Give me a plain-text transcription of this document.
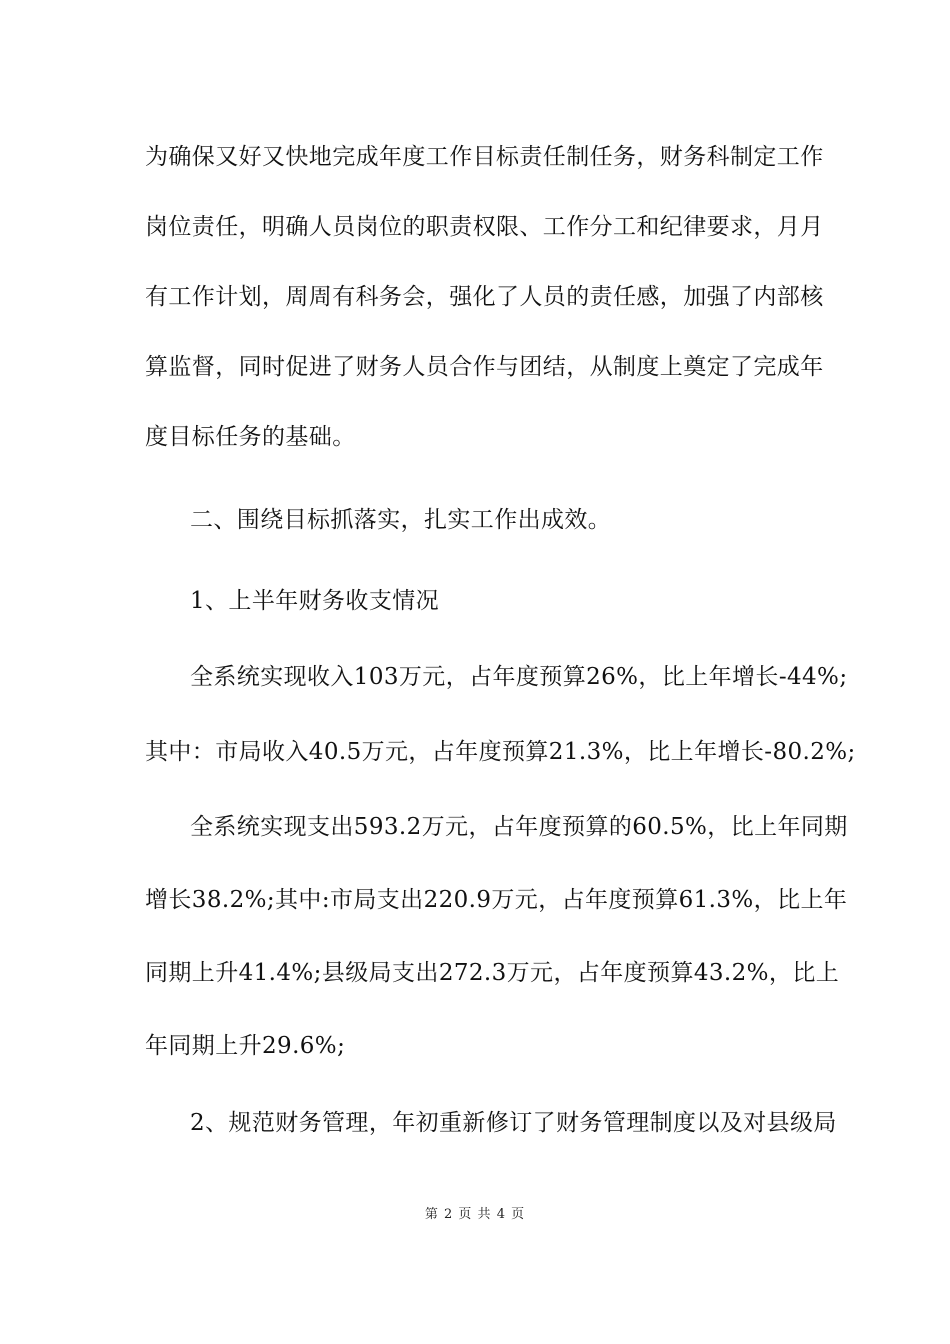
为确保又好又快地完成年度工作目标责任制任务，财务科制定工作
岗位责任，明确人员岗位的职责权限、工作分工和纪律要求，月月
有工作计划，周周有科务会，强化了人员的责任感，加强了内部核
算监督，同时促进了财务人员合作与团结，从制度上奠定了完成年
度目标任务的基础。
二、围绕目标抓落实，扎实工作出成效。
1、上半年财务收支情况
全系统实现收入103万元，占年度预算26%，比上年增长-44%;
其中：市局收入40.5万元，占年度预算21.3%，比上年增长-80.2%;
全系统实现支出593.2万元，占年度预算的60.5%，比上年同期
增长38.2%;其中:市局支出220.9万元，占年度预算61.3%，比上年
同期上升41.4%;县级局支出272.3万元，占年度预算43.2%，比上
年同期上升29.6%;
2、规范财务管理，年初重新修订了财务管理制度以及对县级局
第 2 页 共 4 页
